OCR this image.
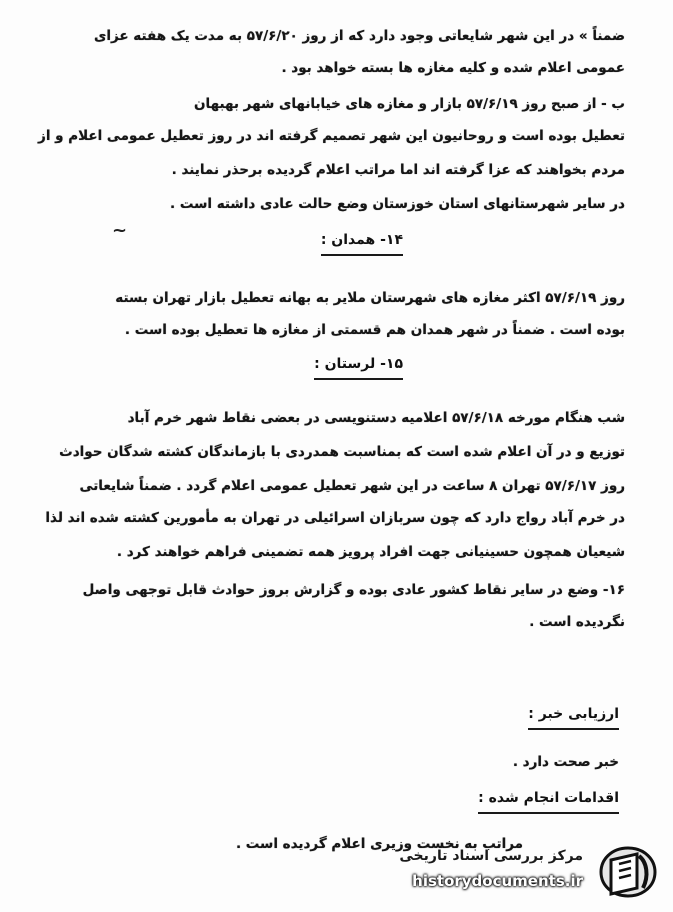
ضمناً » در این شهر شایعاتی وجود دارد که از روز ۵۷/۶/۲۰ به مدت یک هفته عزای
عمومی اعلام شده و کلیه مغازه ها بسته خواهد بود .
ب - از صبح روز ۵۷/۶/۱۹ بازار و مغازه های خیابانهای شهر بهبهان
تعطیل بوده است و روحانیون این شهر تصمیم گرفته اند در روز تعطیل عمومی اعلام و از
مردم بخواهند که عزا گرفته اند اما مراتب اعلام گردیده برحذر نمایند .
در سایر شهرستانهای استان خوزستان وضع حالت عادی داشته است .
~	۱۴- همدان :
روز ۵۷/۶/۱۹ اکثر مغازه های شهرستان ملایر به بهانه تعطیل بازار تهران بسته
بوده است . ضمناً در شهر همدان هم قسمتی از مغازه ها تعطیل بوده است .
۱۵- لرستان :
شب هنگام مورخه ۵۷/۶/۱۸ اعلامیه دستنویسی در بعضی نقاط شهر خرم آباد
توزیع و در آن اعلام شده است که بمناسبت همدردی با بازماندگان کشته شدگان حوادث
روز ۵۷/۶/۱۷ تهران ۸ ساعت در این شهر تعطیل عمومی اعلام گردد . ضمناً شایعاتی
در خرم آباد رواج دارد که چون سربازان اسرائیلی در تهران به مأمورین کشته شده اند لذا
شیعیان همچون حسینیانی جهت افراد پرویز همه تضمینی فراهم خواهند کرد .
۱۶- وضع در سایر نقاط کشور عادی بوده و گزارش بروز حوادث قابل توجهی واصل
نگردیده است .
ارزیابی خبر :
خبر صحت دارد .
اقدامات انجام شده :
مراتب به نخست وزیری اعلام گردیده است .
مرکز بررسی اسناد تاریخی
historydocuments.ir
